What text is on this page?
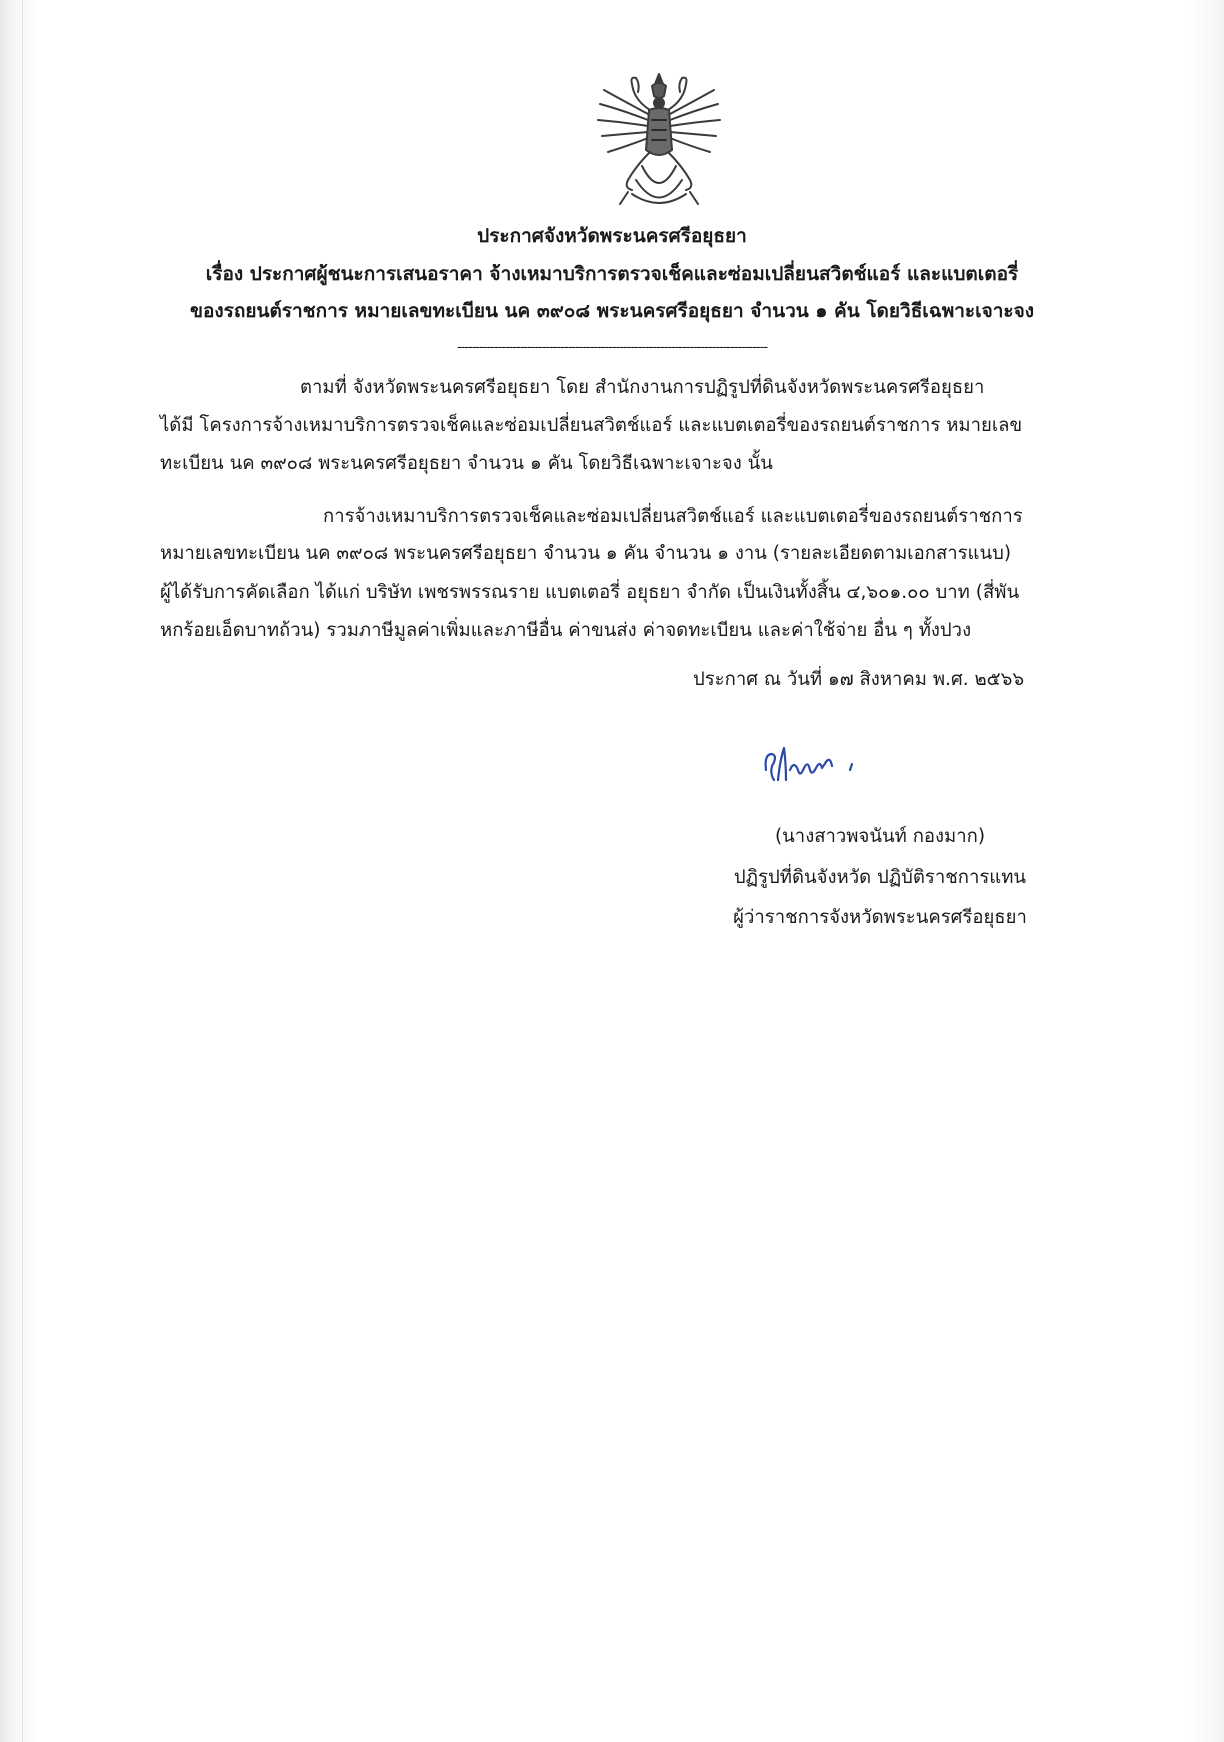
ประกาศจังหวัดพระนครศรีอยุธยา
เรื่อง ประกาศผู้ชนะการเสนอราคา จ้างเหมาบริการตรวจเช็คและซ่อมเปลี่ยนสวิตช์แอร์ และแบตเตอรี่
ของรถยนต์ราชการ หมายเลขทะเบียน นค ๓๙๐๘ พระนครศรีอยุธยา จำนวน ๑ คัน โดยวิธีเฉพาะเจาะจง
------------------------------------------------------------------------------------
ตามที่ จังหวัดพระนครศรีอยุธยา โดย สำนักงานการปฏิรูปที่ดินจังหวัดพระนครศรีอยุธยา
ได้มี โครงการจ้างเหมาบริการตรวจเช็คและซ่อมเปลี่ยนสวิตช์แอร์ และแบตเตอรี่ของรถยนต์ราชการ หมายเลข
ทะเบียน นค ๓๙๐๘ พระนครศรีอยุธยา จำนวน ๑ คัน โดยวิธีเฉพาะเจาะจง นั้น
การจ้างเหมาบริการตรวจเช็คและซ่อมเปลี่ยนสวิตช์แอร์ และแบตเตอรี่ของรถยนต์ราชการ
หมายเลขทะเบียน นค ๓๙๐๘ พระนครศรีอยุธยา จำนวน ๑ คัน จำนวน ๑ งาน (รายละเอียดตามเอกสารแนบ)
ผู้ได้รับการคัดเลือก ได้แก่ บริษัท เพชรพรรณราย แบตเตอรี่ อยุธยา จำกัด เป็นเงินทั้งสิ้น ๔,๖๐๑.๐๐ บาท (สี่พัน
หกร้อยเอ็ดบาทถ้วน) รวมภาษีมูลค่าเพิ่มและภาษีอื่น ค่าขนส่ง ค่าจดทะเบียน และค่าใช้จ่าย อื่น ๆ ทั้งปวง
ประกาศ ณ วันที่ ๑๗ สิงหาคม พ.ศ. ๒๕๖๖
(นางสาวพจนันท์ กองมาก)
ปฏิรูปที่ดินจังหวัด ปฏิบัติราชการแทน
ผู้ว่าราชการจังหวัดพระนครศรีอยุธยา
